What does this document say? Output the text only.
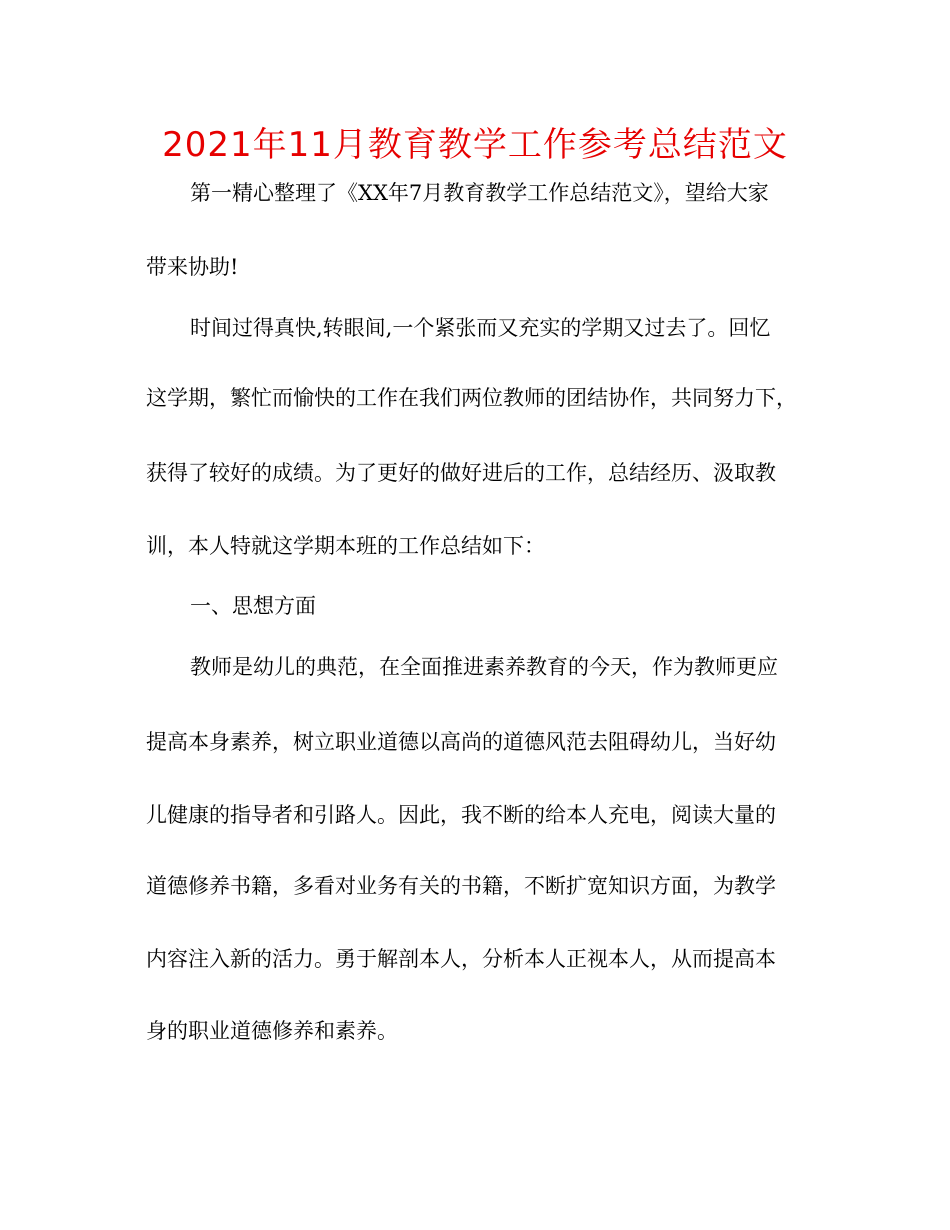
2021年11月教育教学工作参考总结范文
第一精心整理了《XX年7月教育教学工作总结范文》，望给大家
带来协助!
时间过得真快,转眼间,一个紧张而又充实的学期又过去了。回忆
这学期，繁忙而愉快的工作在我们两位教师的团结协作，共同努力下，
获得了较好的成绩。为了更好的做好进后的工作，总结经历、汲取教
训，本人特就这学期本班的工作总结如下：
一、思想方面
教师是幼儿的典范，在全面推进素养教育的今天，作为教师更应
提高本身素养，树立职业道德以高尚的道德风范去阻碍幼儿，当好幼
儿健康的指导者和引路人。因此，我不断的给本人充电，阅读大量的
道德修养书籍，多看对业务有关的书籍，不断扩宽知识方面，为教学
内容注入新的活力。勇于解剖本人，分析本人正视本人，从而提高本
身的职业道德修养和素养。
